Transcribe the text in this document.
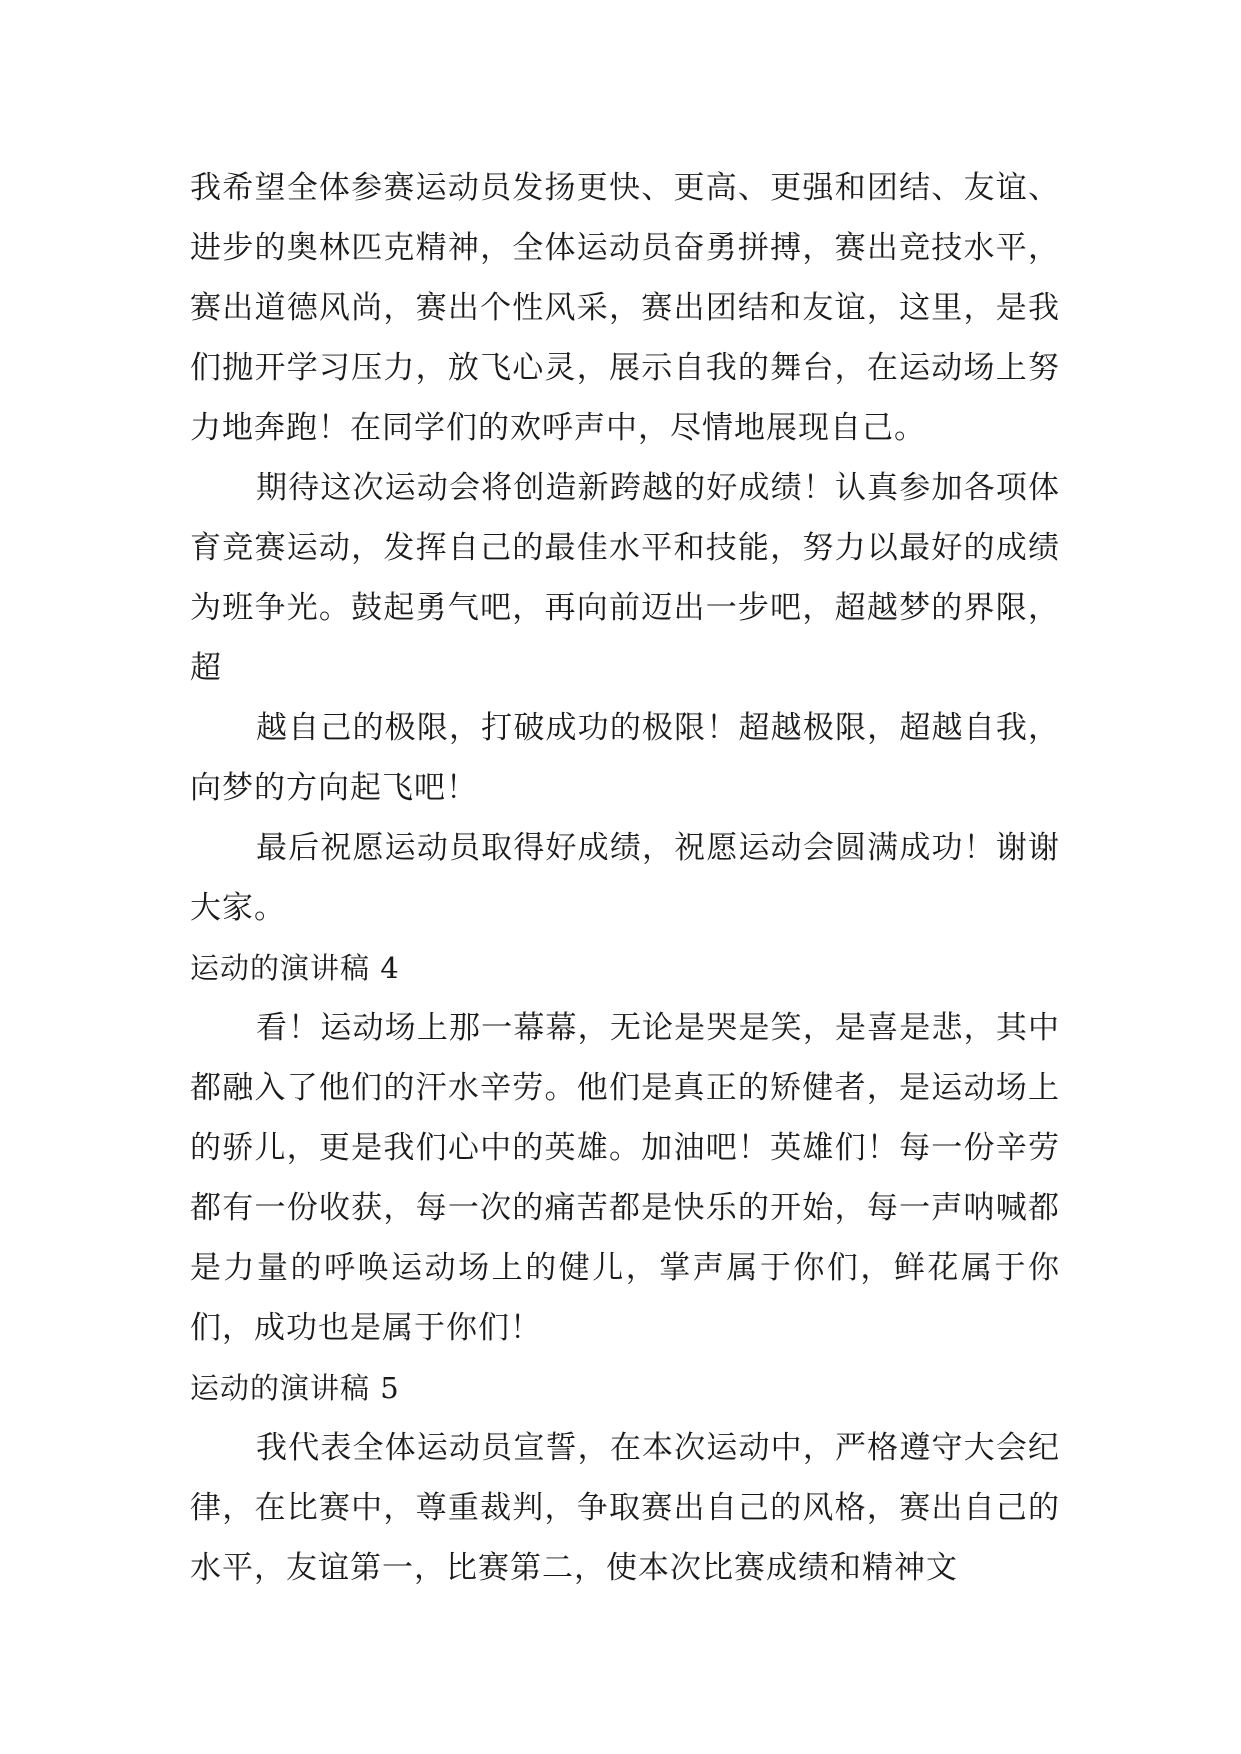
我希望全体参赛运动员发扬更快、更高、更强和团结、友谊、进步的奥林匹克精神，全体运动员奋勇拼搏，赛出竞技水平，赛出道德风尚，赛出个性风采，赛出团结和友谊，这里，是我们抛开学习压力，放飞心灵，展示自我的舞台，在运动场上努力地奔跑！在同学们的欢呼声中，尽情地展现自己。

期待这次运动会将创造新跨越的好成绩！认真参加各项体育竞赛运动，发挥自己的最佳水平和技能，努力以最好的成绩为班争光。鼓起勇气吧，再向前迈出一步吧，超越梦的界限，超

越自己的极限，打破成功的极限！超越极限，超越自我，向梦的方向起飞吧！

最后祝愿运动员取得好成绩，祝愿运动会圆满成功！谢谢大家。

运动的演讲稿 4

看！运动场上那一幕幕，无论是哭是笑，是喜是悲，其中都融入了他们的汗水辛劳。他们是真正的矫健者，是运动场上的骄儿，更是我们心中的英雄。加油吧！英雄们！每一份辛劳都有一份收获，每一次的痛苦都是快乐的开始，每一声呐喊都是力量的呼唤运动场上的健儿，掌声属于你们，鲜花属于你们，成功也是属于你们！

运动的演讲稿 5

我代表全体运动员宣誓，在本次运动中，严格遵守大会纪律，在比赛中，尊重裁判，争取赛出自己的风格，赛出自己的水平，友谊第一，比赛第二，使本次比赛成绩和精神文
